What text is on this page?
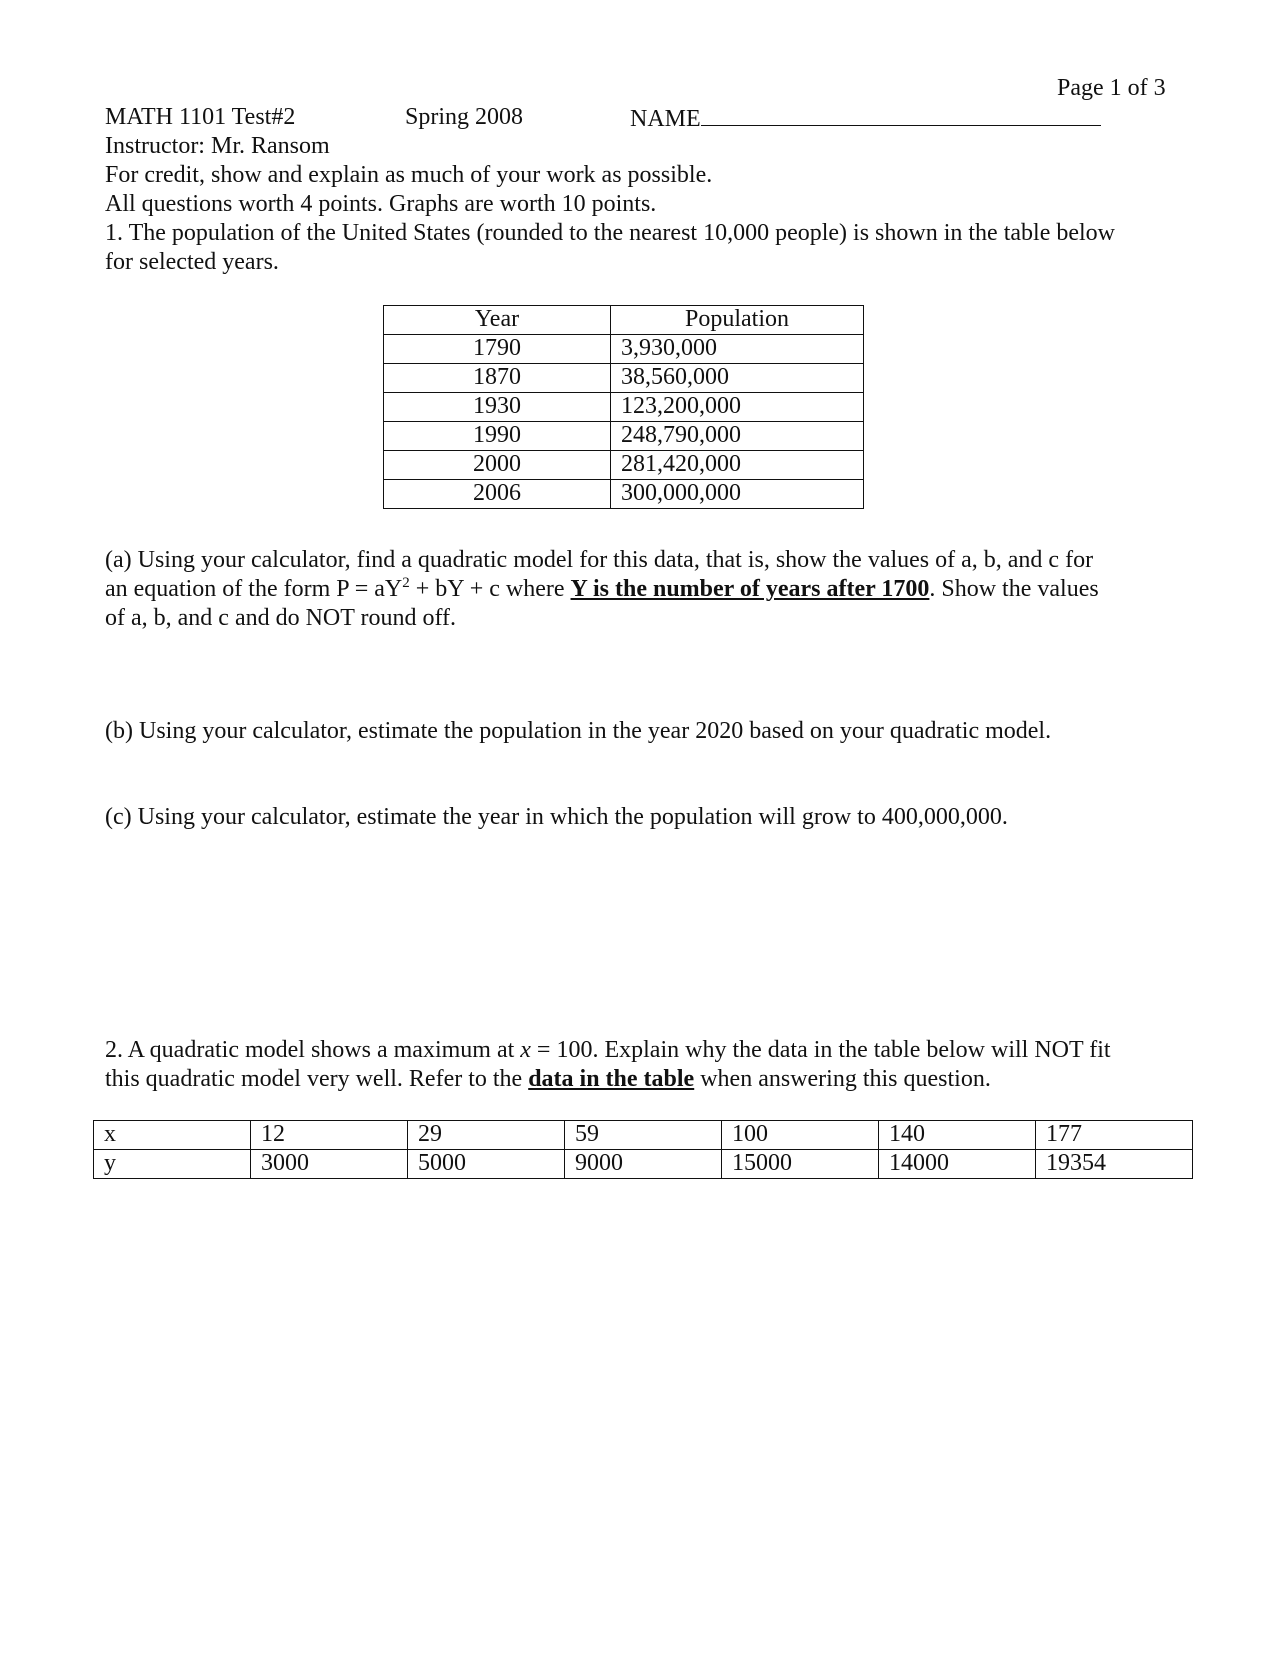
Page 1 of 3
MATH 1101 Test#2	Spring 2008	NAME
Instructor: Mr. Ransom
For credit, show and explain as much of your work as possible.
All questions worth 4 points. Graphs are worth 10 points.
1. The population of the United States (rounded to the nearest 10,000 people) is shown in the table below
for selected years.
Year	Population
1790	3,930,000
1870	38,560,000
1930	123,200,000
1990	248,790,000
2000	281,420,000
2006	300,000,000
(a) Using your calculator, find a quadratic model for this data, that is, show the values of a, b, and c for
an equation of the form $P = aY^2$ + bY + c where Y is the number of years after 1700. Show the values
of a, b, and c and do NOT round off.
(b) Using your calculator, estimate the population in the year 2020 based on your quadratic model.
(c) Using your calculator, estimate the year in which the population will grow to 400,000,000.
2. A quadratic model shows a maximum at x = 100. Explain why the data in the table below will NOT fit
this quadratic model very well. Refer to the data in the table when answering this question.
x	12	29	59	100	140	177
y	3000	5000	9000	15000	14000	19354
